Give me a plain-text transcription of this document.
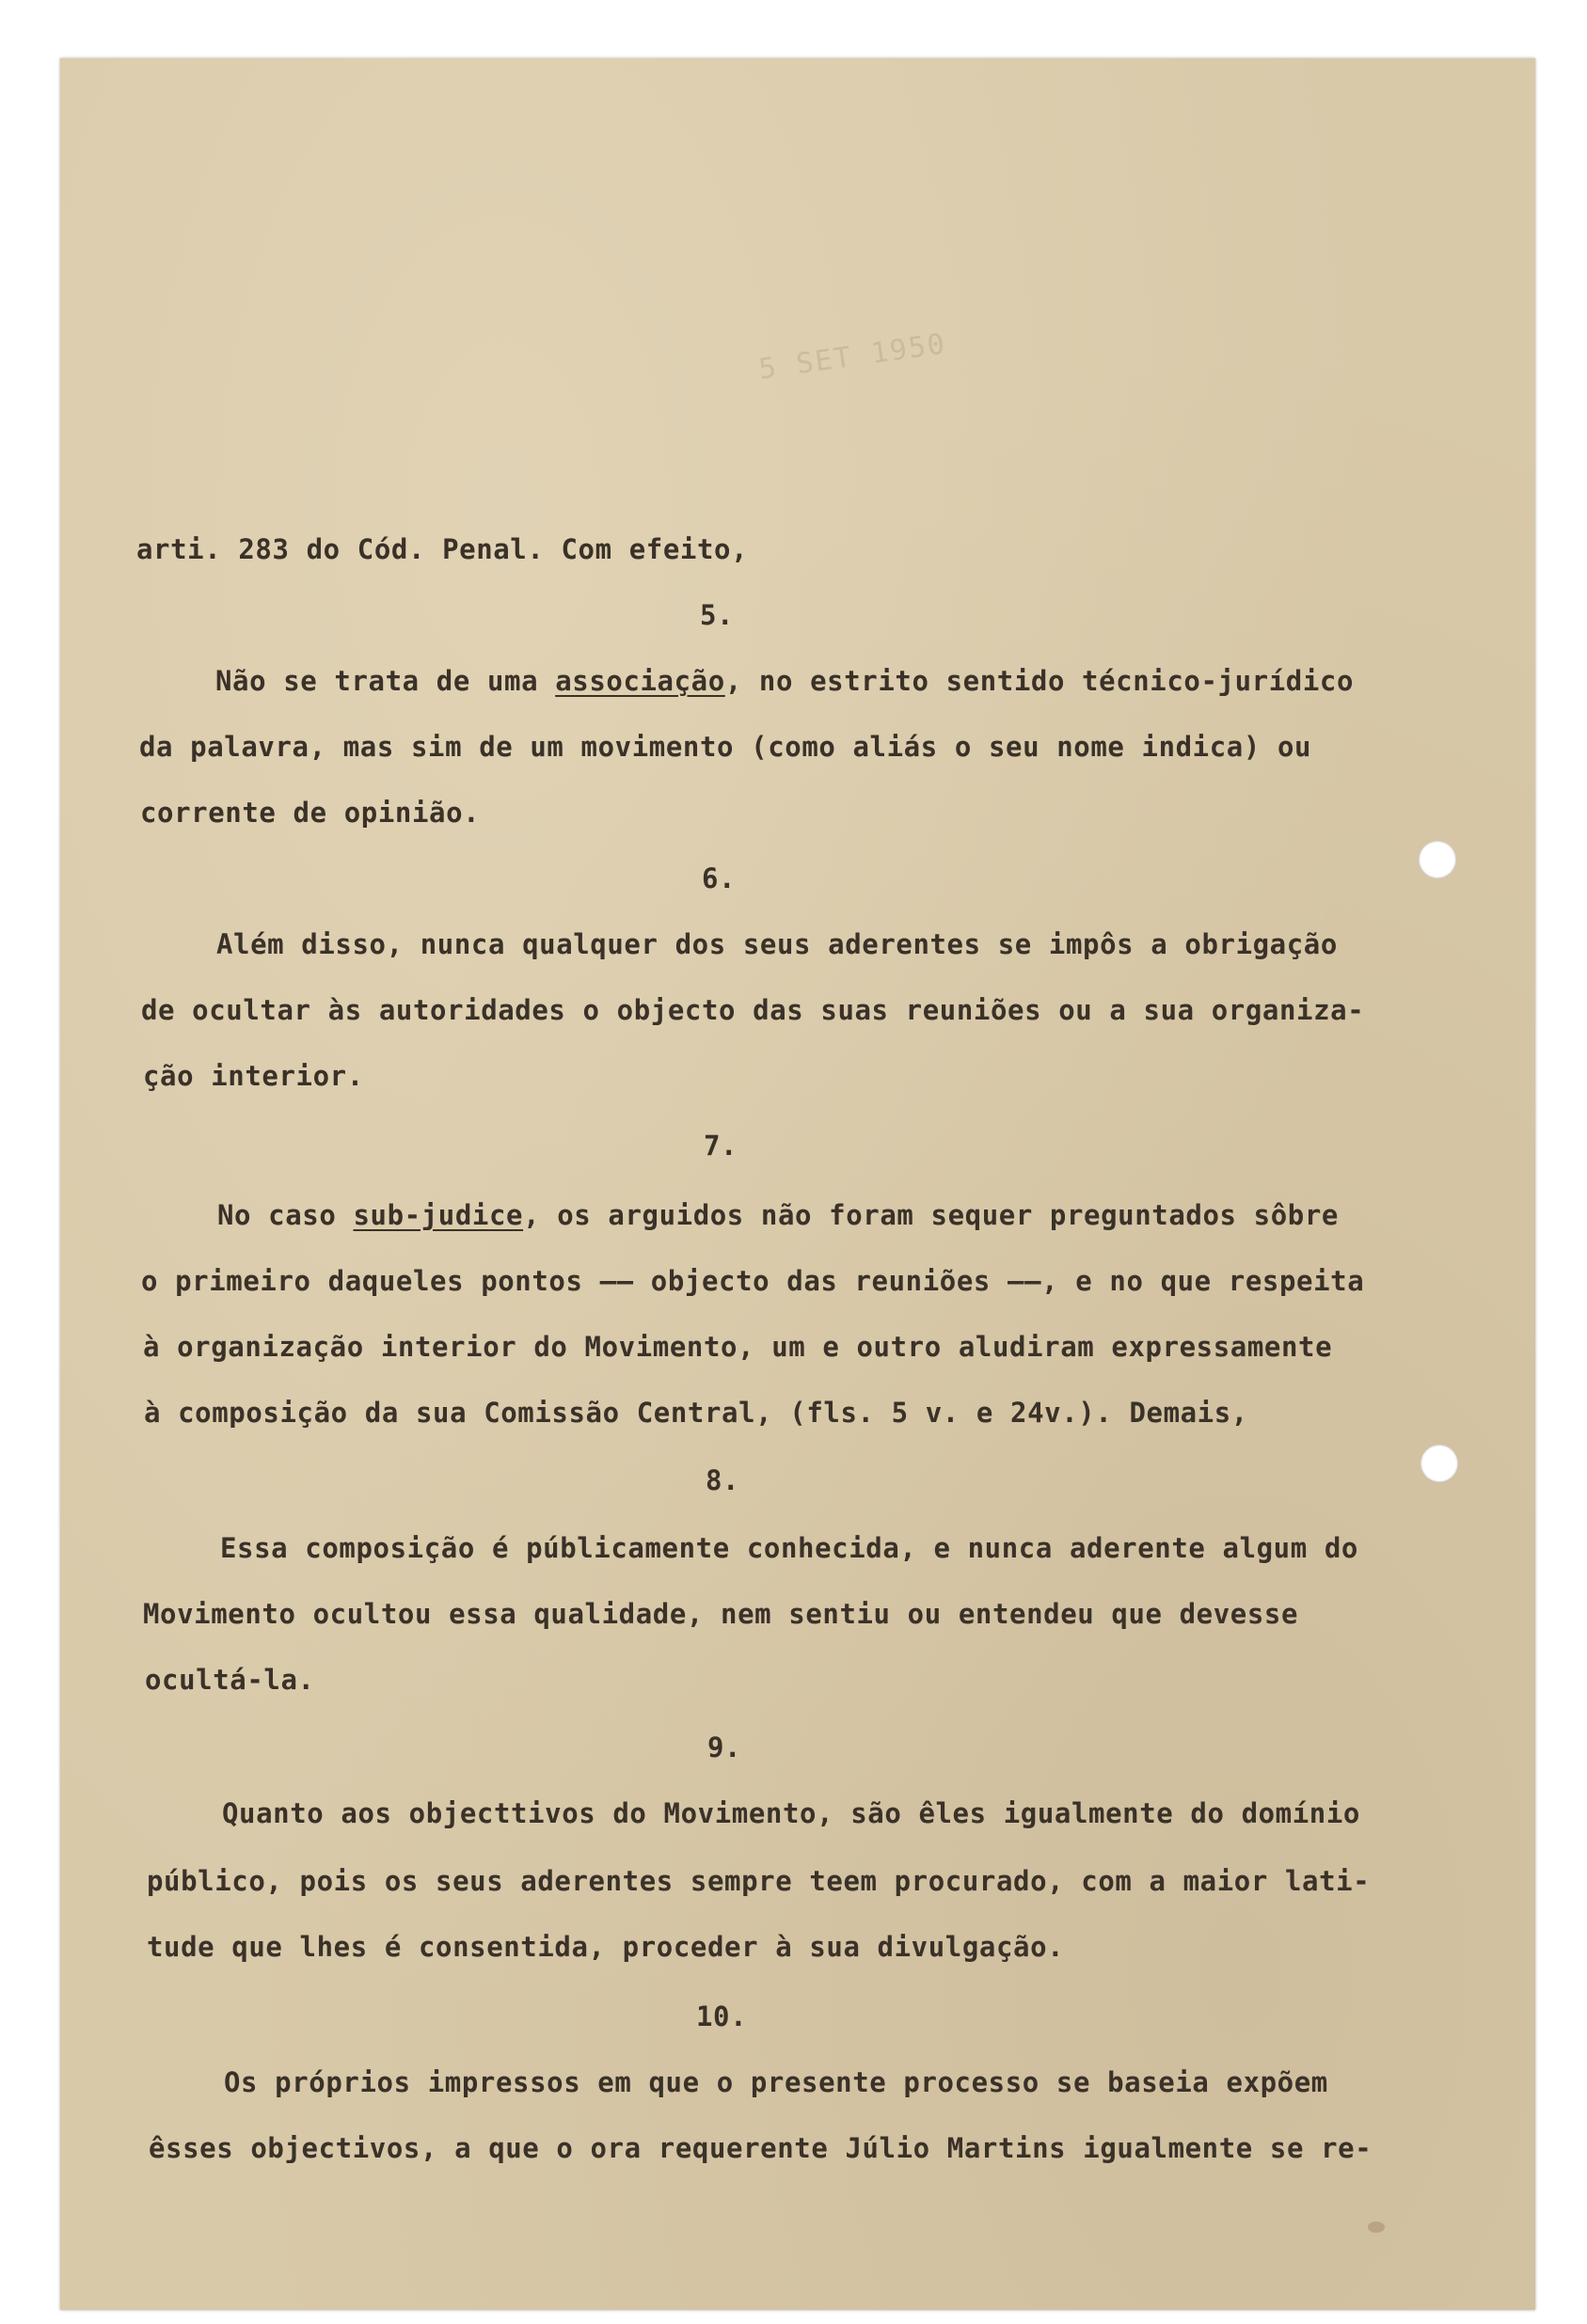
5 SET 1950
arti. 283 do Cód. Penal. Com efeito,
5.
Não se trata de uma associação, no estrito sentido técnico-jurídico
da palavra, mas sim de um movimento (como aliás o seu nome indica) ou
corrente de opinião.
6.
Além disso, nunca qualquer dos seus aderentes se impôs a obrigação
de ocultar às autoridades o objecto das suas reuniões ou a sua organiza-
ção interior.
7.
No caso sub-judice, os arguidos não foram sequer preguntados sôbre
o primeiro daqueles pontos –– objecto das reuniões ––, e no que respeita
à organização interior do Movimento, um e outro aludiram expressamente
à composição da sua Comissão Central, (fls. 5 v. e 24v.). Demais,
8.
Essa composição é públicamente conhecida, e nunca aderente algum do
Movimento ocultou essa qualidade, nem sentiu ou entendeu que devesse
ocultá-la.
9.
Quanto aos objecttivos do Movimento, são êles igualmente do domínio
público, pois os seus aderentes sempre teem procurado, com a maior lati-
tude que lhes é consentida, proceder à sua divulgação.
10.
Os próprios impressos em que o presente processo se baseia expõem
êsses objectivos, a que o ora requerente Júlio Martins igualmente se re-
